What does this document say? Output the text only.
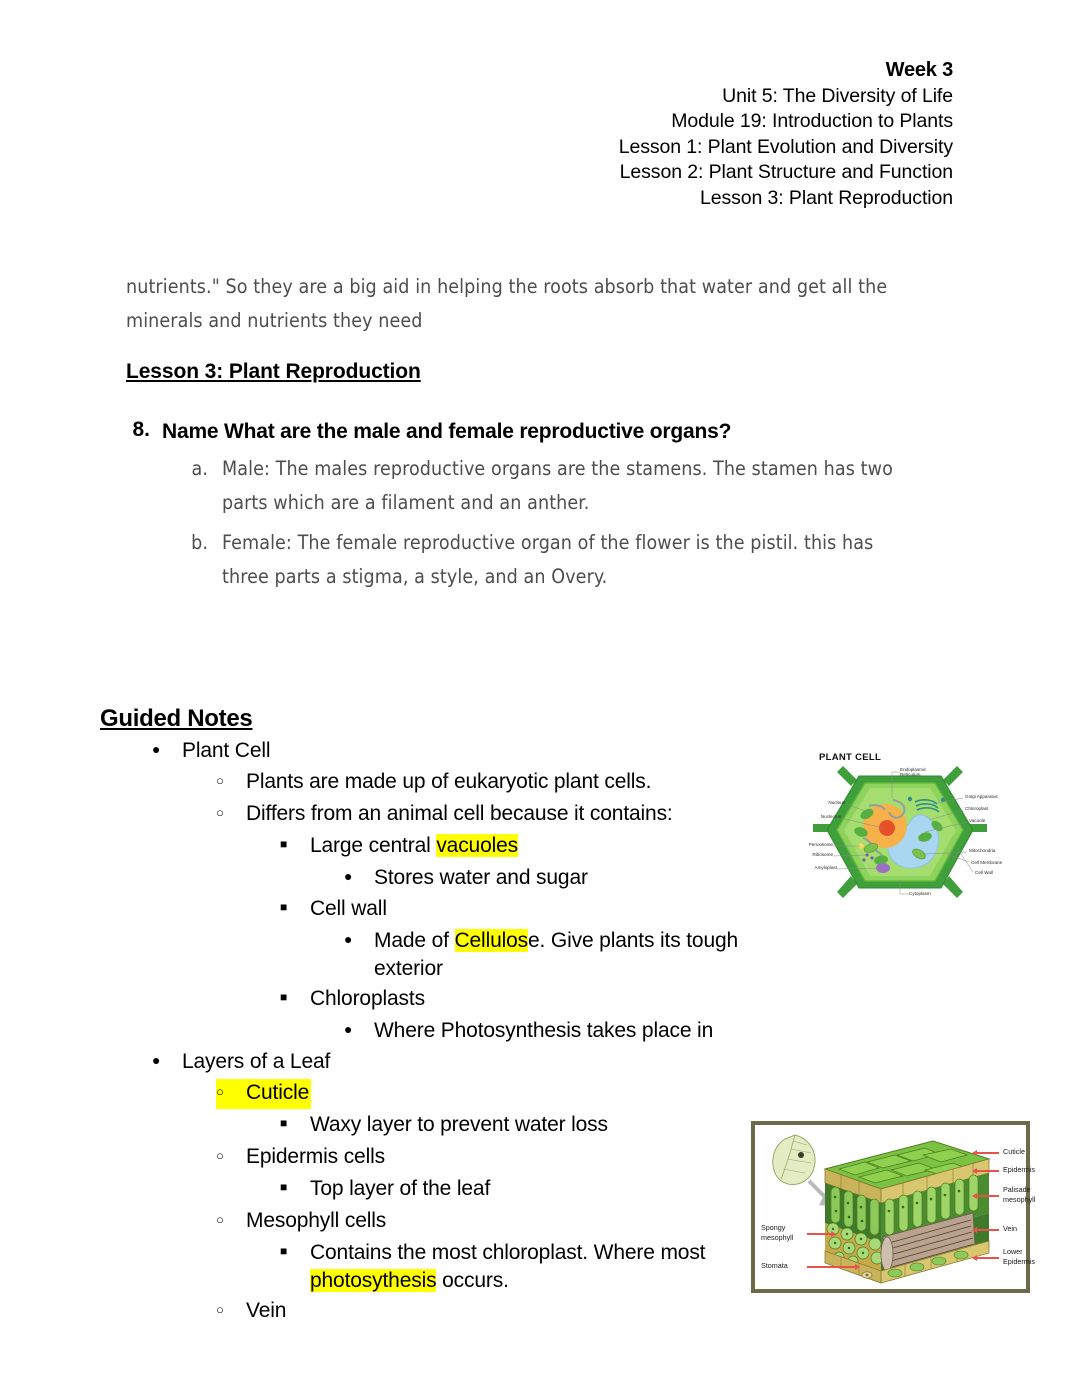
Week 3
Unit 5: The Diversity of Life
Module 19: Introduction to Plants
Lesson 1: Plant Evolution and Diversity
Lesson 2: Plant Structure and Function
Lesson 3: Plant Reproduction
nutrients." So they are a big aid in helping the roots absorb that water and get all the minerals and nutrients they need
Lesson 3: Plant Reproduction
8. Name What are the male and female reproductive organs?
a. Male: The males reproductive organs are the stamens. The stamen has two parts which are a filament and an anther.
b. Female: The female reproductive organ of the flower is the pistil. this has three parts a stigma, a style, and an Overy.
Guided Notes
●
Plant Cell
○
Plants are made up of eukaryotic plant cells.
○
Differs from an animal cell because it contains:
■
Large central vacuoles
●
Stores water and sugar
■
Cell wall
●
Made of Cellulose. Give plants its tough exterior
■
Chloroplasts
●
Where Photosynthesis takes place in
●
Layers of a Leaf
○
Cuticle
■
Waxy layer to prevent water loss
○
Epidermis cells
■
Top layer of the leaf
○
Mesophyll cells
■
Contains the most chloroplast. Where most photosythesis occurs.
○
Vein
PLANT CELL
Endoplasmic
Reticulum
Nucleus
Nucleolus
Peroxisome
Ribosome
Amyloplast
Golgi Apparatus
Chloroplast
Vacuole
Mitochondria
Cell Membrane
Cell Wall
Cytoplasm
Cuticle
Epidermis
Palisade
mesophyll
Vein
Lower
Epidermis
Spongy
mesophyll
Stomata
